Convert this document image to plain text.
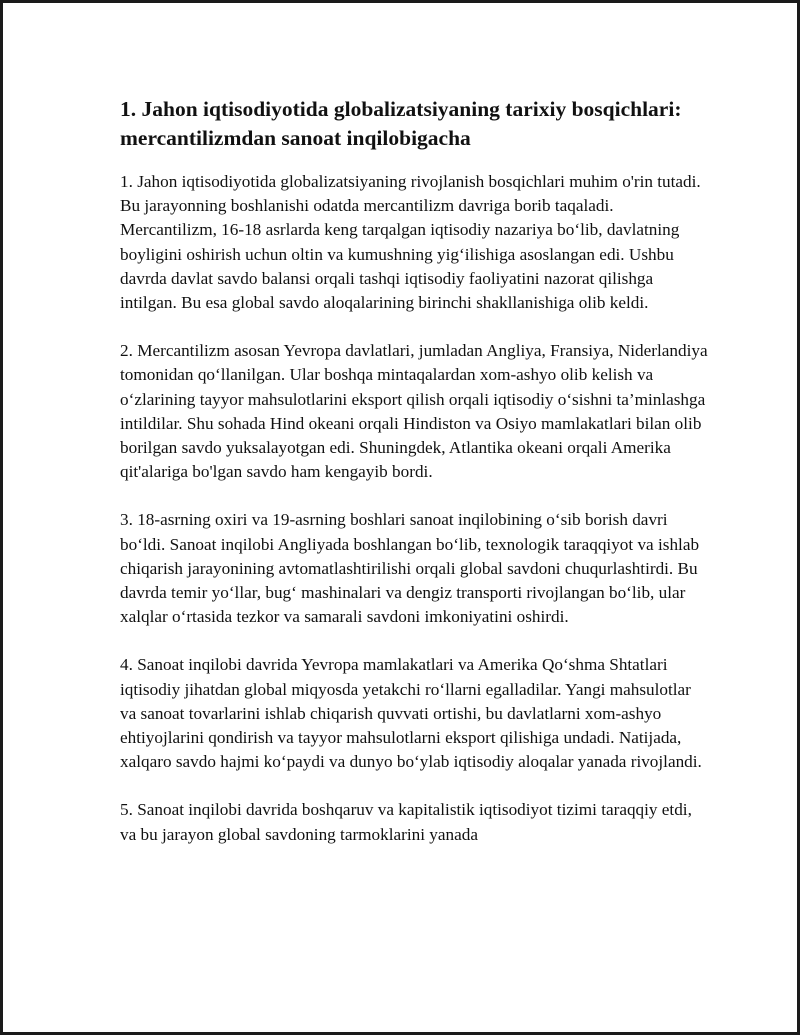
1. Jahon iqtisodiyotida globalizatsiyaning tarixiy bosqichlari: mercantilizmdan sanoat inqilobigacha

1. Jahon iqtisodiyotida globalizatsiyaning rivojlanish bosqichlari muhim o'rin tutadi. Bu jarayonning boshlanishi odatda mercantilizm davriga borib taqaladi. Mercantilizm, 16-18 asrlarda keng tarqalgan iqtisodiy nazariya bo‘lib, davlatning boyligini oshirish uchun oltin va kumushning yig‘ilishiga asoslangan edi. Ushbu davrda davlat savdo balansi orqali tashqi iqtisodiy faoliyatini nazorat qilishga intilgan. Bu esa global savdo aloqalarining birinchi shakllanishiga olib keldi.

2. Mercantilizm asosan Yevropa davlatlari, jumladan Angliya, Fransiya, Niderlandiya tomonidan qo‘llanilgan. Ular boshqa mintaqalardan xom-ashyo olib kelish va o‘zlarining tayyor mahsulotlarini eksport qilish orqali iqtisodiy o‘sishni ta’minlashga intildilar. Shu sohada Hind okeani orqali Hindiston va Osiyo mamlakatlari bilan olib borilgan savdo yuksalayotgan edi. Shuningdek, Atlantika okeani orqali Amerika qit'alariga bo'lgan savdo ham kengayib bordi.

3. 18-asrning oxiri va 19-asrning boshlari sanoat inqilobining o‘sib borish davri bo‘ldi. Sanoat inqilobi Angliyada boshlangan bo‘lib, texnologik taraqqiyot va ishlab chiqarish jarayonining avtomatlashtirilishi orqali global savdoni chuqurlashtirdi. Bu davrda temir yo‘llar, bug‘ mashinalari va dengiz transporti rivojlangan bo‘lib, ular xalqlar o‘rtasida tezkor va samarali savdoni imkoniyatini oshirdi.

4. Sanoat inqilobi davrida Yevropa mamlakatlari va Amerika Qo‘shma Shtatlari iqtisodiy jihatdan global miqyosda yetakchi ro‘llarni egalladilar. Yangi mahsulotlar va sanoat tovarlarini ishlab chiqarish quvvati ortishi, bu davlatlarni xom-ashyo ehtiyojlarini qondirish va tayyor mahsulotlarni eksport qilishiga undadi. Natijada, xalqaro savdo hajmi ko‘paydi va dunyo bo‘ylab iqtisodiy aloqalar yanada rivojlandi.

5. Sanoat inqilobi davrida boshqaruv va kapitalistik iqtisodiyot tizimi taraqqiy etdi, va bu jarayon global savdoning tarmoklarini yanada
